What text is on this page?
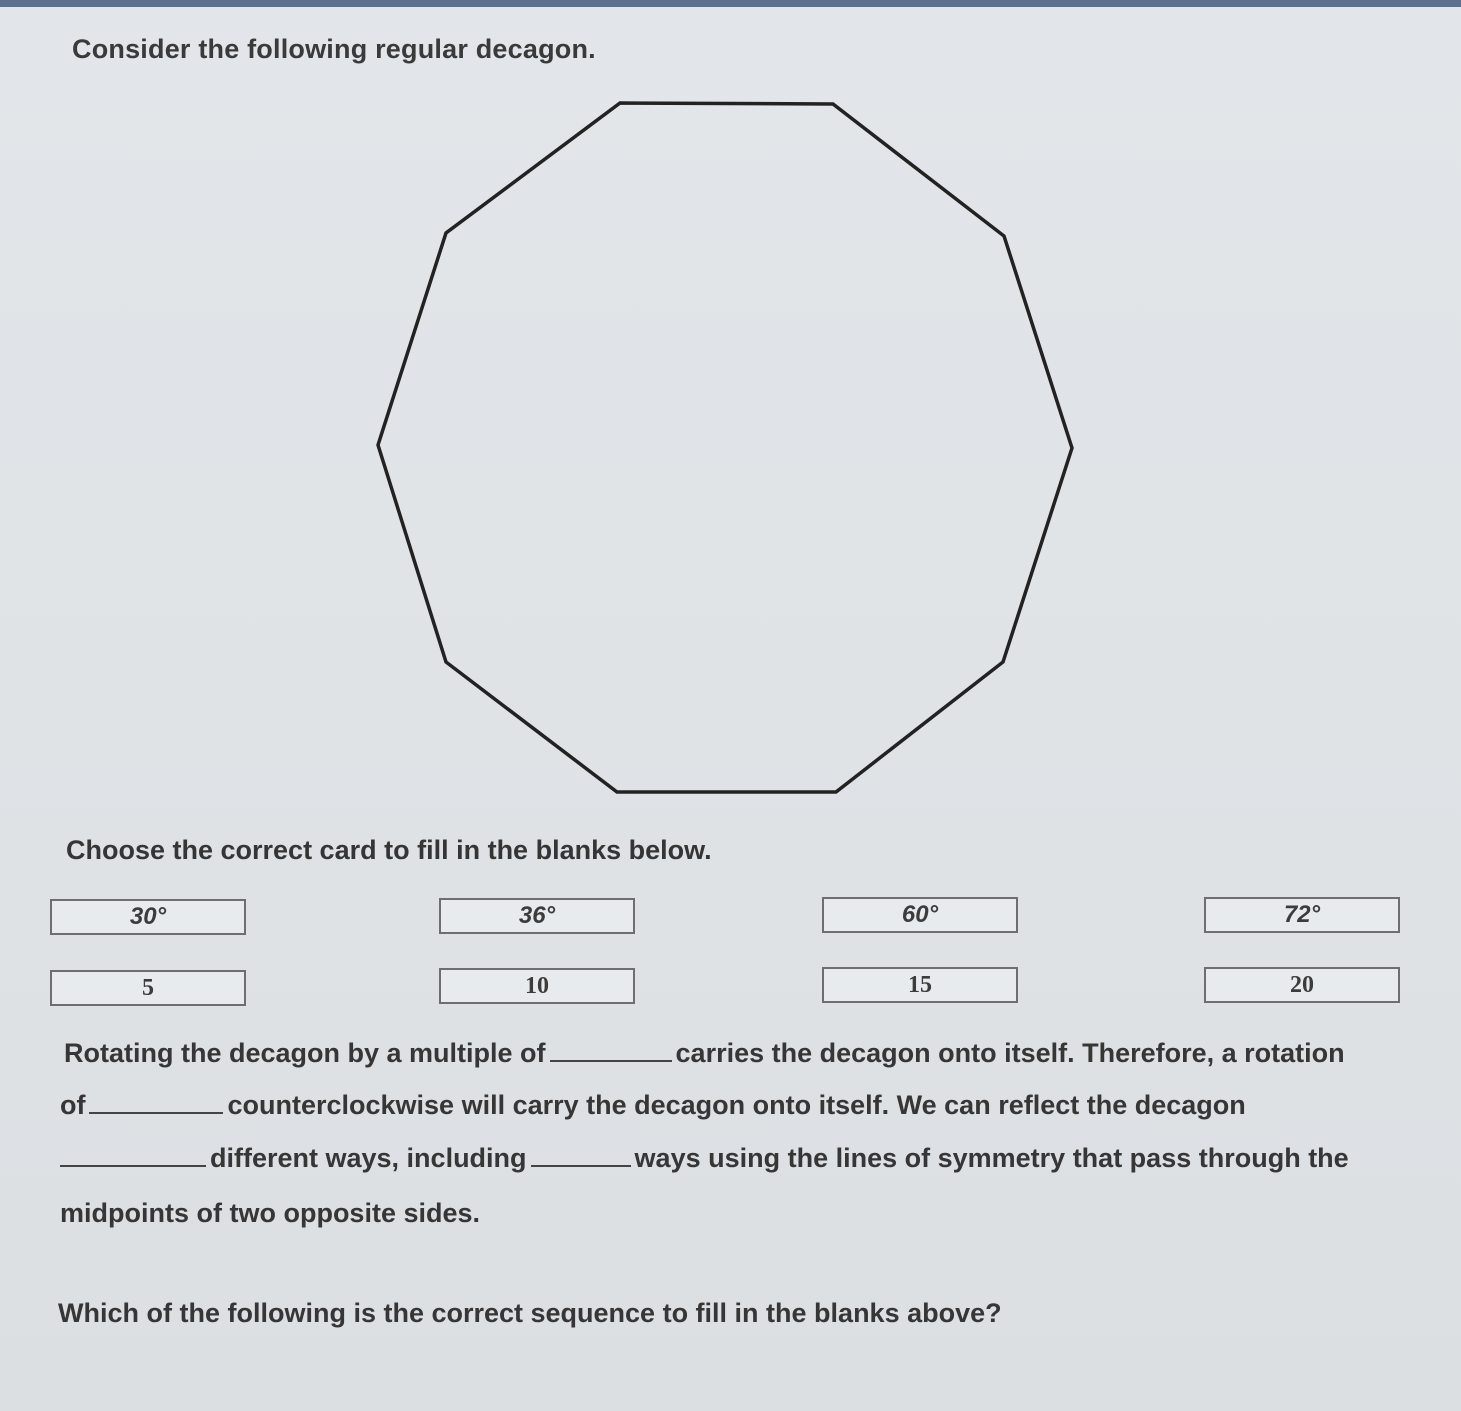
Consider the following regular decagon.
Choose the correct card to fill in the blanks below.
30°	36°	60°	72°
5	10	15	20
Rotating the decagon by a multiple of	carries the decagon onto itself. Therefore, a rotation
of	counterclockwise will carry the decagon onto itself. We can reflect the decagon
different ways, including	ways using the lines of symmetry that pass through the
midpoints of two opposite sides.
Which of the following is the correct sequence to fill in the blanks above?
